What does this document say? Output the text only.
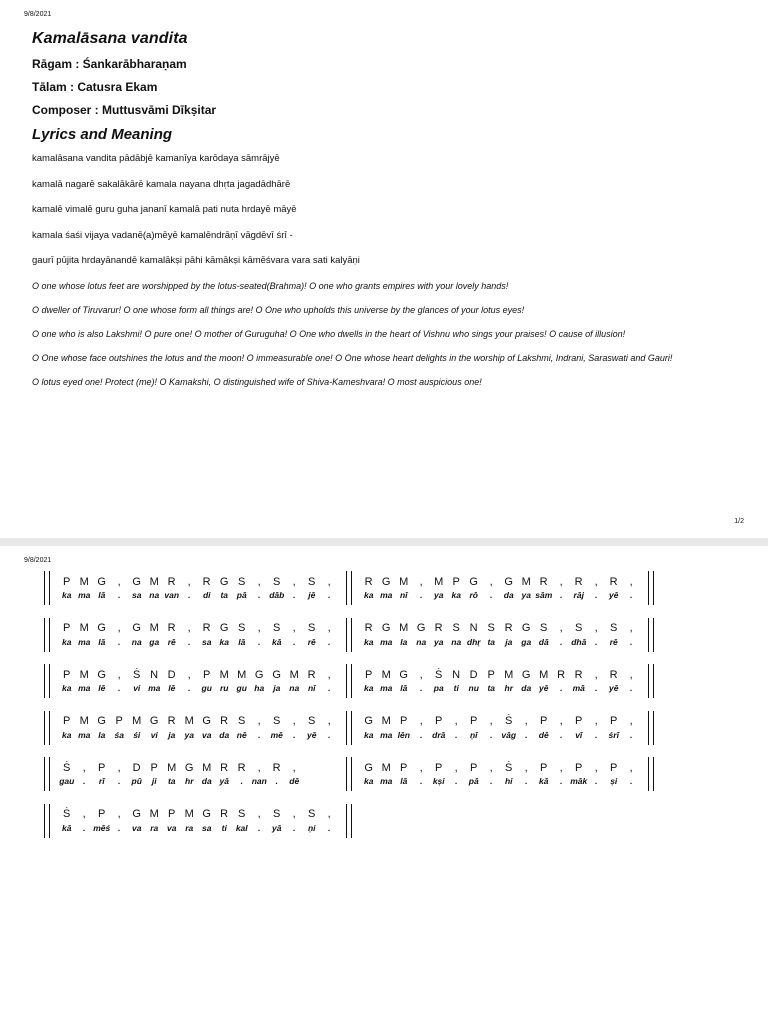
9/8/2021
Kamalāsana vandita
Rāgam : Śankarābharaṇam
Tālam : Catusra Ekam
Composer : Muttusvāmi Dīkṣitar
Lyrics and Meaning
kamalāsana vandita pādābjē kamanīya karōdaya sāmrājyē
kamalā nagarē sakalākārē kamala nayana dhṛta jagadādhārē
kamalē vimalē guru guha jananī kamalā pati nuta hrdayē māyē
kamala śaśi vijaya vadanē(a)mēyē kamalēndrāṇī vāgdēvī śrī -
gaurī pūjita hrdayānandē kamalākṣi pāhi kāmākṣi kāmēśvara vara sati kalyāṇi
O one whose lotus feet are worshipped by the lotus-seated(Brahma)! O one who grants empires with your lovely hands!
O dweller of Tiruvarur! O one whose form all things are! O One who upholds this universe by the glances of your lotus eyes!
O one who is also Lakshmi! O pure one! O mother of Guruguha! O One who dwells in the heart of Vishnu who sings your praises! O cause of illusion!
O One whose face outshines the lotus and the moon! O immeasurable one! O One whose heart delights in the worship of Lakshmi, Indrani, Saraswati and Gauri!
O lotus eyed one! Protect (me)! O Kamakshi, O distinguished wife of Shiva-Kameshvara! O most auspicious one!
1/2
9/8/2021
P M G	,	G M R	,	R G S	,	S	,	S	,
ka ma lā	.	sa na van	.	di	ta	pā	.	dāb	.	jē	.
R G M	,	M P G	,	G M R	,	R	,	R	,
ka ma nī	.	ya ka	rō	.	da ya sām .	rāj	.	yē	.
P M G	,	G M R	,	R G S	,	S	,	S	,
ka ma lā	.	na ga	rē	.	sa ka	lā	.	kā	.	rē	.
R G M G R S N S R G S	,	S	,	S	,
ka ma la	na ya na dhṛ ta	ja	ga dā	.	dhā	.	rē	.
P M G	,	Ṡ N D	,	P M M G G M R	,
ka ma lē	.	vi ma lē	.	gu ru gu ha	ja	na	nī	.
P M G	,	Ṡ N D P M G M R R	,	R	,
ka ma lā	.	pa	ti	nu	ta	hr da yē	.	mā	.	yē	.
P M G P M G R M G R S	,	S	,	S	,
ka ma la	śa	śi	vi	ja	ya va da nē	.	mē	.	yē	.
G M P	,	P	,	P	,	Ṡ	,	P	,	P	,	P	,
ka ma lēn	.	drā	.	ṇī	.	vāg	.	dē	.	vī	.	śrī	.
Ṡ	,	P	,	D P M G M R R	,	R	,
gau	.	rī	.	pū	ji	ta	hr da yā	.	nan	.	dē
G M P	,	P	,	P	,	Ṡ	,	P	,	P	,	P	,
ka ma lā	.	kṣi	.	pā	.	hi	.	kā	. māk .	ṣi	.
Ṡ	,	P	,	G M P M G R S	,	S	,	S	,
kā	. mēś .	va	ra	va	ra	sa	ti	kal	.	yā	.	ṇi	.
